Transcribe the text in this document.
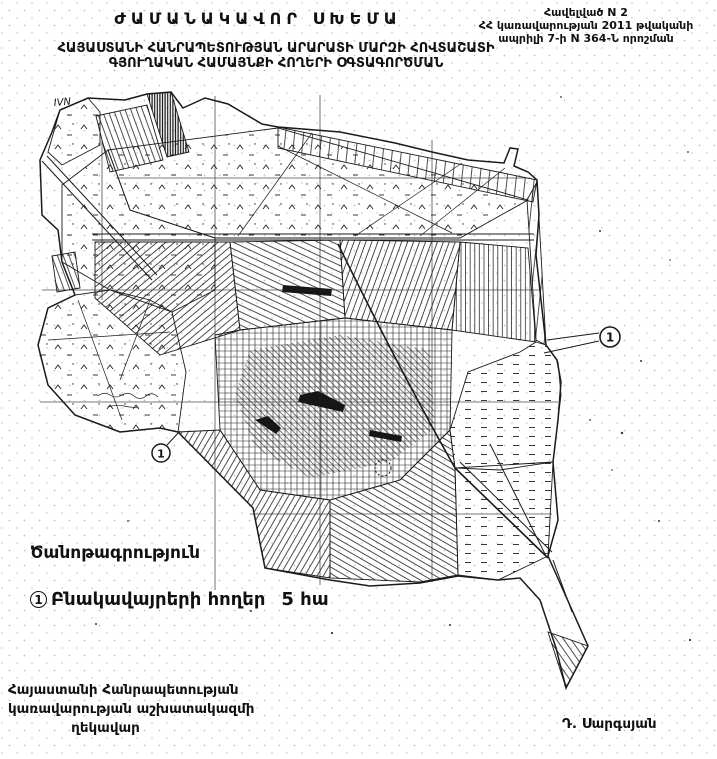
1
1
IVN
ԺԱՄԱՆԱԿԱՎՈՐ ՍԽԵՄԱ	Հավելված N 2
ՀՀ կառավարության 2011 թվականի
ապրիլի 7-ի N 364-Ն որոշման
ՀԱՅԱՍՏԱՆԻ ՀԱՆՐԱՊԵՏՈՒԹՅԱՆ ԱՐԱՐԱՏԻ ՄԱՐԶԻ ՀՈՎՏԱՇԱՏԻ
ԳՅՈՒՂԱԿԱՆ ՀԱՄԱՅՆՔԻ ՀՈՂԵՐԻ ՕԳՏԱԳՈՐԾՄԱՆ
Ծանոթագրություն
1 Բնակավայրերի հողեր 5 հա
Հայաստանի Հանրապետության
կառավարության աշխատակազմի
ղեկավար	Դ. Սարգսյան
